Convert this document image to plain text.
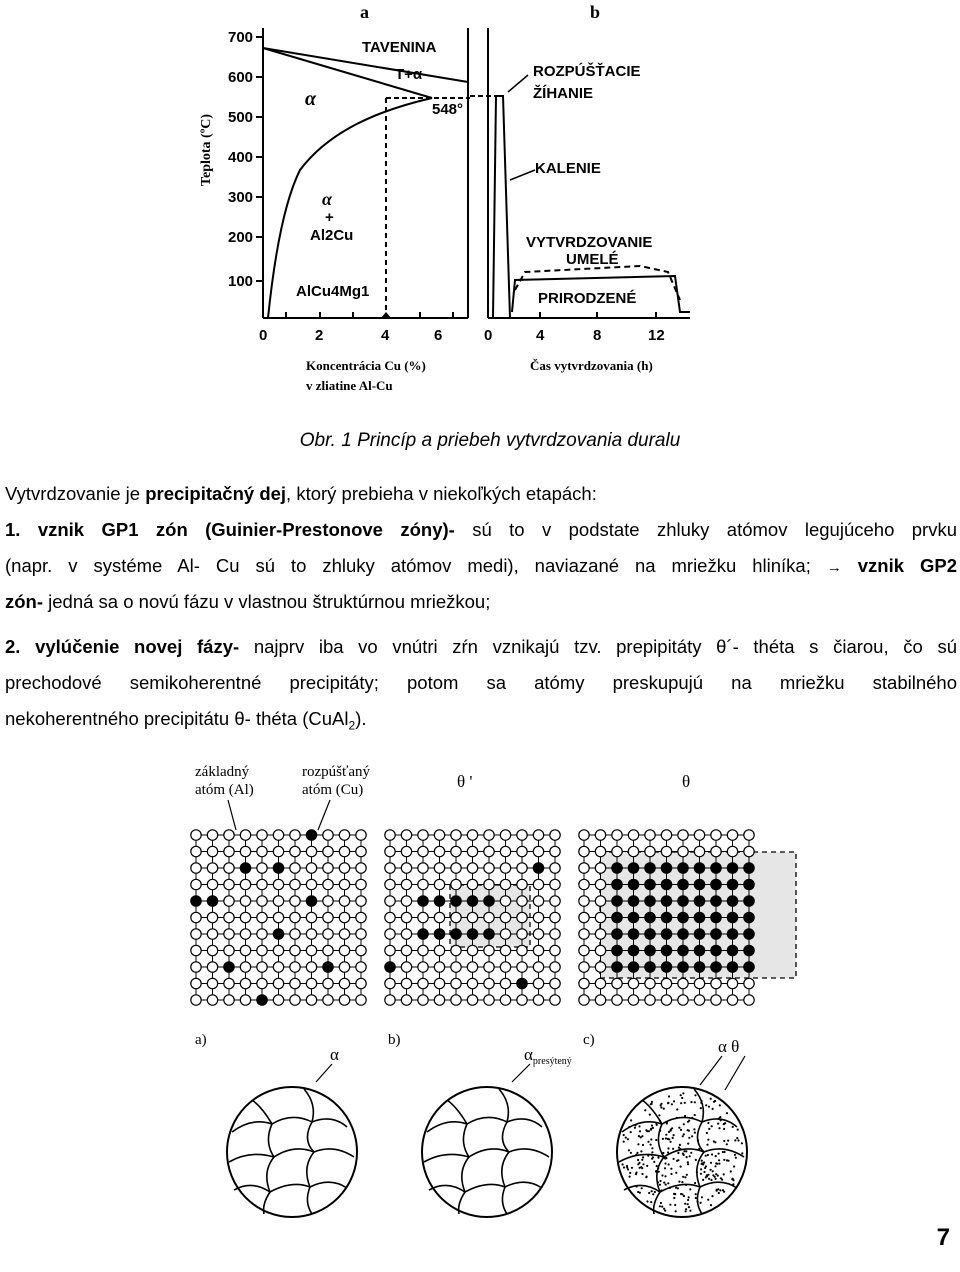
a	b
Teplota (ºC)
700
600
500
400
300
200
100
TAVENINA
T+α
α	548°
α
+
Al2Cu
AlCu4Mg1
0	2	4	6
Koncentrácia Cu (%)
v zliatine Al-Cu
ROZPÚŠŤACIE
ŽÍHANIE
KALENIE
VYTVRDZOVANIE
UMELÉ
PRIRODZENÉ
0	4	8	12
Čas vytvrdzovania (h)
Obr. 1 Princíp a priebeh vytvrdzovania duralu
Vytvrdzovanie je precipitačný dej, ktorý prebieha v niekoľkých etapách:
1. vznik GP1 zón (Guinier-Prestonove zóny)- sú to v podstate zhluky atómov legujúceho prvku
(napr. v systéme Al- Cu sú to zhluky atómov medi), naviazané na mriežku hliníka; → vznik GP2
zón- jedná sa o novú fázu v vlastnou štruktúrnou mriežkou;
2. vylúčenie novej fázy- najprv iba vo vnútri zŕn vznikajú tzv. prepipitáty θ´- théta s čiarou, čo sú
prechodové semikoherentné precipitáty; potom sa atómy preskupujú na mriežku stabilného
nekoherentného precipitátu θ- théta (CuAl$_2$).
základný
atóm (Al)
rozpúšťaný
atóm (Cu)	θ '	θ
a)	b)	c)
α	$\alpha_{presýtený}$
α θ
7
